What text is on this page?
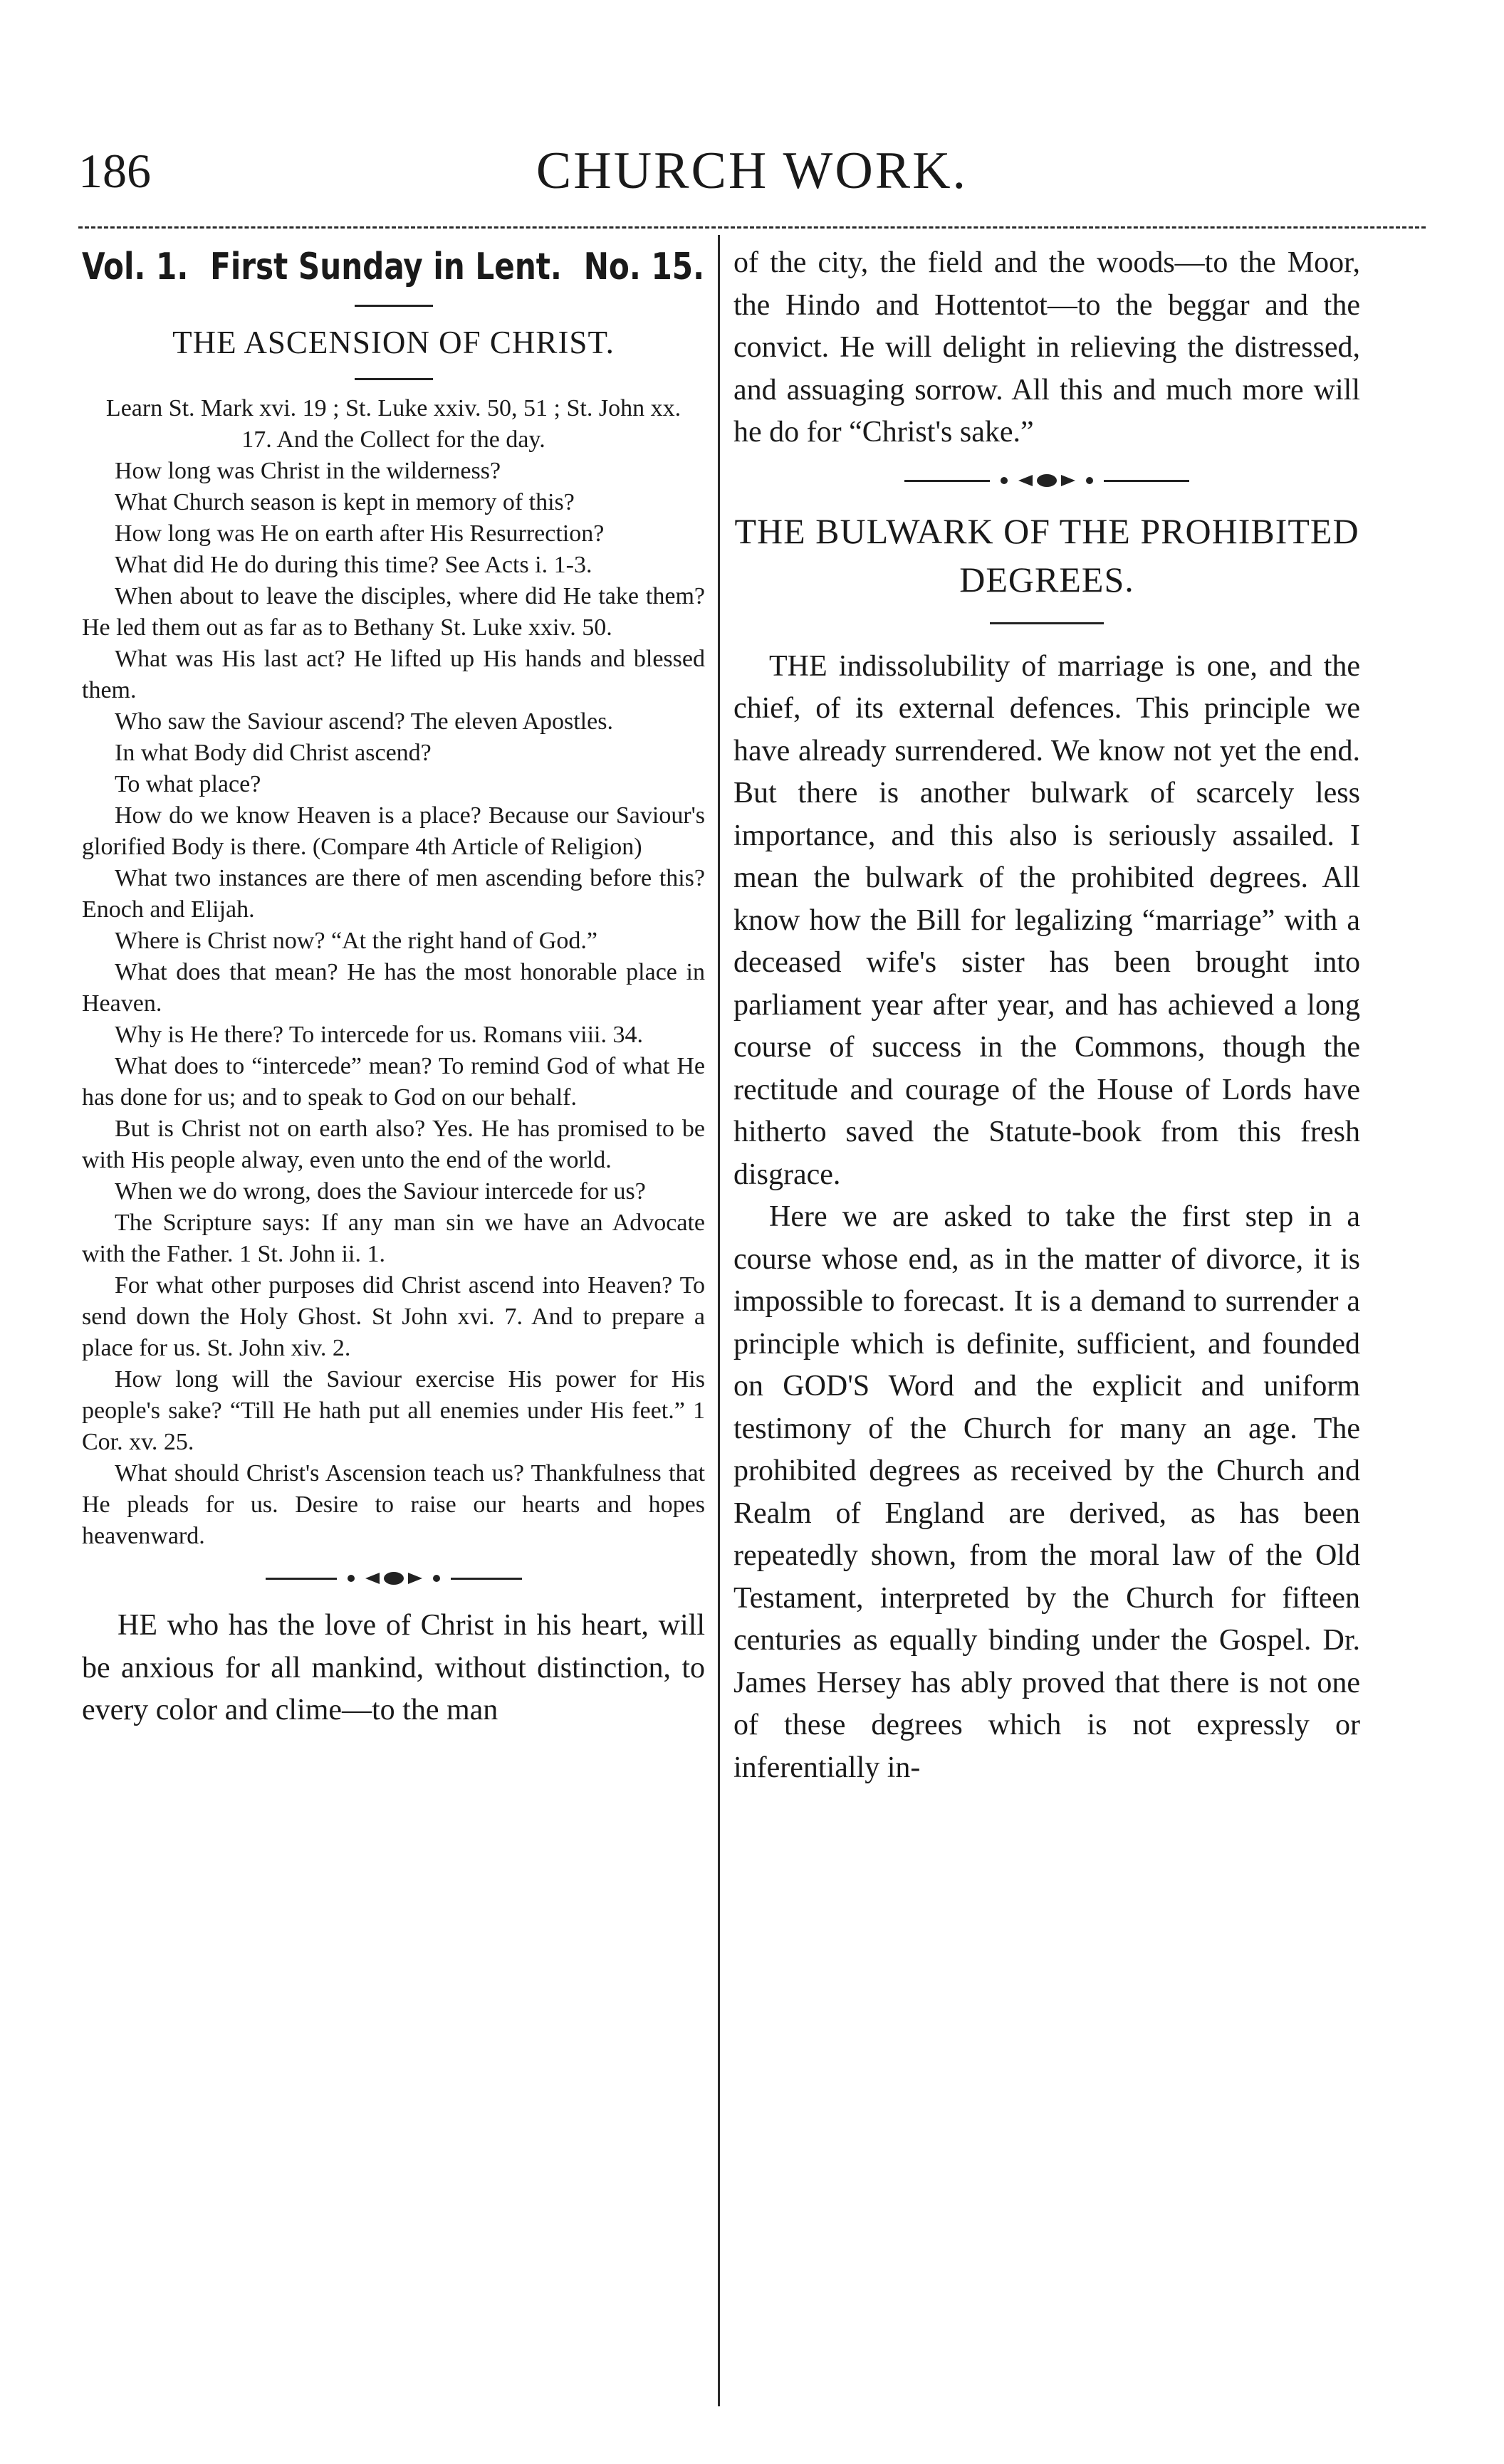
186	CHURCH WORK.
Vol. 1. First Sunday in Lent. No. 15.
THE ASCENSION OF CHRIST.

Learn St. Mark xvi. 19 ; St. Luke xxiv. 50, 51 ; St. John xx. 17. And the Collect for the day.

How long was Christ in the wilderness?

What Church season is kept in memory of this?

How long was He on earth after His Resurrection?

What did He do during this time? See Acts i. 1-3.

When about to leave the disciples, where did He take them? He led them out as far as to Bethany St. Luke xxiv. 50.

What was His last act? He lifted up His hands and blessed them.

Who saw the Saviour ascend? The eleven Apostles.

In what Body did Christ ascend?

To what place?

How do we know Heaven is a place? Because our Saviour's glorified Body is there. (Compare 4th Article of Religion)

What two instances are there of men ascending before this? Enoch and Elijah.

Where is Christ now? “At the right hand of God.”

What does that mean? He has the most honorable place in Heaven.

Why is He there? To intercede for us. Romans viii. 34.

What does to “intercede” mean? To remind God of what He has done for us; and to speak to God on our behalf.

But is Christ not on earth also? Yes. He has promised to be with His people alway, even unto the end of the world.

When we do wrong, does the Saviour intercede for us?

The Scripture says: If any man sin we have an Advocate with the Father. 1 St. John ii. 1.

For what other purposes did Christ ascend into Heaven? To send down the Holy Ghost. St John xvi. 7. And to prepare a place for us. St. John xiv. 2.

How long will the Saviour exercise His power for His people's sake? “Till He hath put all enemies under His feet.” 1 Cor. xv. 25.

What should Christ's Ascension teach us? Thankfulness that He pleads for us. Desire to raise our hearts and hopes heavenward.

HE who has the love of Christ in his heart, will be anxious for all mankind, without distinction, to every color and clime—to the man

of the city, the field and the woods—to the Moor, the Hindo and Hottentot—to the beggar and the convict. He will delight in relieving the distressed, and assuaging sorrow. All this and much more will he do for “Christ's sake.”

THE BULWARK OF THE PROHIBITED DEGREES.

THE indissolubility of marriage is one, and the chief, of its external defences. This principle we have already surrendered. We know not yet the end. But there is another bulwark of scarcely less importance, and this also is seriously assailed. I mean the bulwark of the prohibited degrees. All know how the Bill for legalizing “marriage” with a deceased wife's sister has been brought into parliament year after year, and has achieved a long course of success in the Commons, though the rectitude and courage of the House of Lords have hitherto saved the Statute-book from this fresh disgrace.

Here we are asked to take the first step in a course whose end, as in the matter of divorce, it is impossible to forecast. It is a demand to surrender a principle which is definite, sufficient, and founded on GOD'S Word and the explicit and uniform testimony of the Church for many an age. The prohibited degrees as received by the Church and Realm of England are derived, as has been repeatedly shown, from the moral law of the Old Testament, interpreted by the Church for fifteen centuries as equally binding under the Gospel. Dr. James Hersey has ably proved that there is not one of these degrees which is not expressly or inferentially in-
